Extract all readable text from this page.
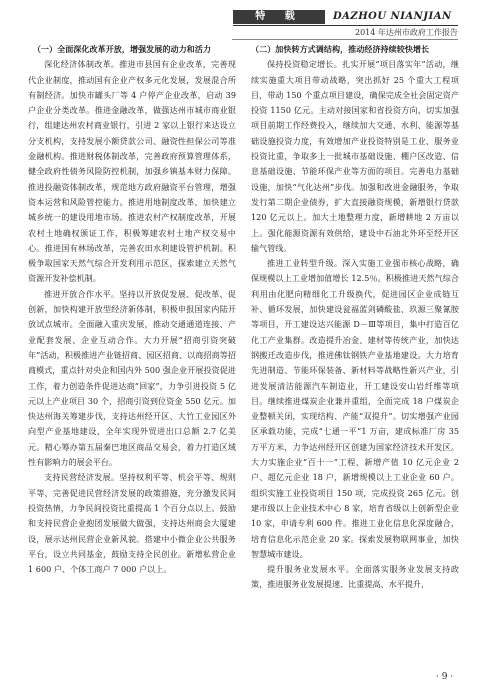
特 载	DAZHOU NIANJIAN
2014 年达州市政府工作报告

（一）全面深化改革开放，增强发展的动力和活力

深化经济体制改革。推进市县国有企业改革，完善现代企业制度，推动国有企业产权多元化发展，发展混合所有制经济。加快市罐头厂等 4 户停产企业改革，启动 39 户企业分类改革。推进金融改革，做强达州市城市商业银行，组建达州农村商业银行，引进 2 家以上银行来达设立分支机构，支持发展小额贷款公司、融资性担保公司等准金融机构。推进财税体制改革，完善政府预算管理体系，健全政府性债务风险防控机制，加强乡镇基本财力保障。推进投融资体制改革，规范地方政府融资平台管理，增强资本运营和风险管控能力。推进用地制度改革，加快建立城乡统一的建设用地市场。推进农村产权制度改革，开展农村土地确权颁证工作，积极筹建农村土地产权交易中心。推进国有林场改革，完善农田水利建设管护机制。积极争取国家天然气综合开发利用示范区，探索建立天然气资源开发补偿机制。

推进开放合作水平。坚持以开放促发展、促改革、促创新，加快构建开放型经济新体制，积极申报国家内陆开放试点城市。全面融入重庆发展，推动交通通道连接、产业配套发展、企业互动合作。大力开展“招商引资突破年”活动，积极推进产业链招商、园区招商、以商招商等招商模式，重点针对央企和国内外 500 强企业开展投资促进工作，着力创造条件促进达商“回家”，力争引进投资 5 亿元以上产业项目 30 个，招商引资到位资金 550 亿元。加快达州海关筹建步伐，支持达州经开区、大竹工业园区外向型产业基地建设，全年实现外贸进出口总额 2.7 亿美元。精心筹办第五届秦巴地区商品交易会，着力打造区域性有影响力的展会平台。

支持民营经济发展。坚持权利平等、机会平等、规则平等，完善促进民营经济发展的政策措施，充分激发民间投资热情，力争民间投资比重提高 1 个百分点以上。鼓励和支持民营企业抱团发展做大做强，支持达州商会大厦建设，展示达州民营企业新风貌。搭建中小微企业公共服务平台，设立共同基金，鼓励支持全民创业。新增私营企业 1 600 户、个体工商户 7 000 户以上。

（二）加快转方式调结构，推动经济持续较快增长

保持投资稳定增长。扎实开展“项目落实年”活动，继续实施重大项目带动战略，突出抓好 25 个重大工程项目，带动 150 个重点项目建设，确保完成全社会固定资产投资 1150 亿元。主动对接国家和省投资方向，切实加强项目前期工作经费投入，继续加大交通、水利、能源等基础设施投资力度，有效增加产业投资特别是工业、服务业投资比重，争取多上一批城市基础设施、棚户区改造、信息基础设施、节能环保产业等方面的项目。完善电力基础设施，加快“气化达州”步伐。加强和改进金融服务，争取发行第二期企业债券，扩大直接融资规模，新增银行贷款 120 亿元以上。加大土地整理力度，新增耕地 2 万亩以上。强化能源资源有效供给，建设中石油北外环至经开区输气管线。

推进工业转型升级。深入实施工业强市核心战略，确保规模以上工业增加值增长 12.5％。积极推进天然气综合利用由化肥向精细化工升级换代，促进园区企业成链互补、循环发展，加快建设瓮福蓝剑磷酸盐、玖源三聚氰胺等项目，开工建设达兴能源 D－Ⅲ等项目，集中打造百亿化工产业集群。改造提升冶金、建材等传统产业，加快达钢搬迁改造步伐，推进佛钛钢铁产业基地建设。大力培育先进制造、节能环保装备、新材料等战略性新兴产业，引进发展清洁能源汽车制造业，开工建设安山岩纤维等项目。继续推进煤炭企业兼并重组，全面完成 18 户煤炭企业整顿关闭，实现结构、产能“双提升”。切实增强产业园区承载功能，完成“七通一平”1 万亩，建成标准厂房 35 万平方米，力争达州经开区创建为国家经济技术开发区。大力实施企业“百十一”工程，新增产值 10 亿元企业 2 户、超亿元企业 18 户，新增规模以上工业企业 60 户。组织实施工业投资项目 150 项，完成投资 265 亿元。创建市级以上企业技术中心 8 家，培育省级以上创新型企业 10 家，申请专利 600 件。推进工业化信息化深度融合，培育信息化示范企业 20 家。探索发展物联网事业，加快智慧城市建设。

提升服务业发展水平。全面落实服务业发展支持政策，推进服务业发展提速、比重提高、水平提升，

· 9 ·
